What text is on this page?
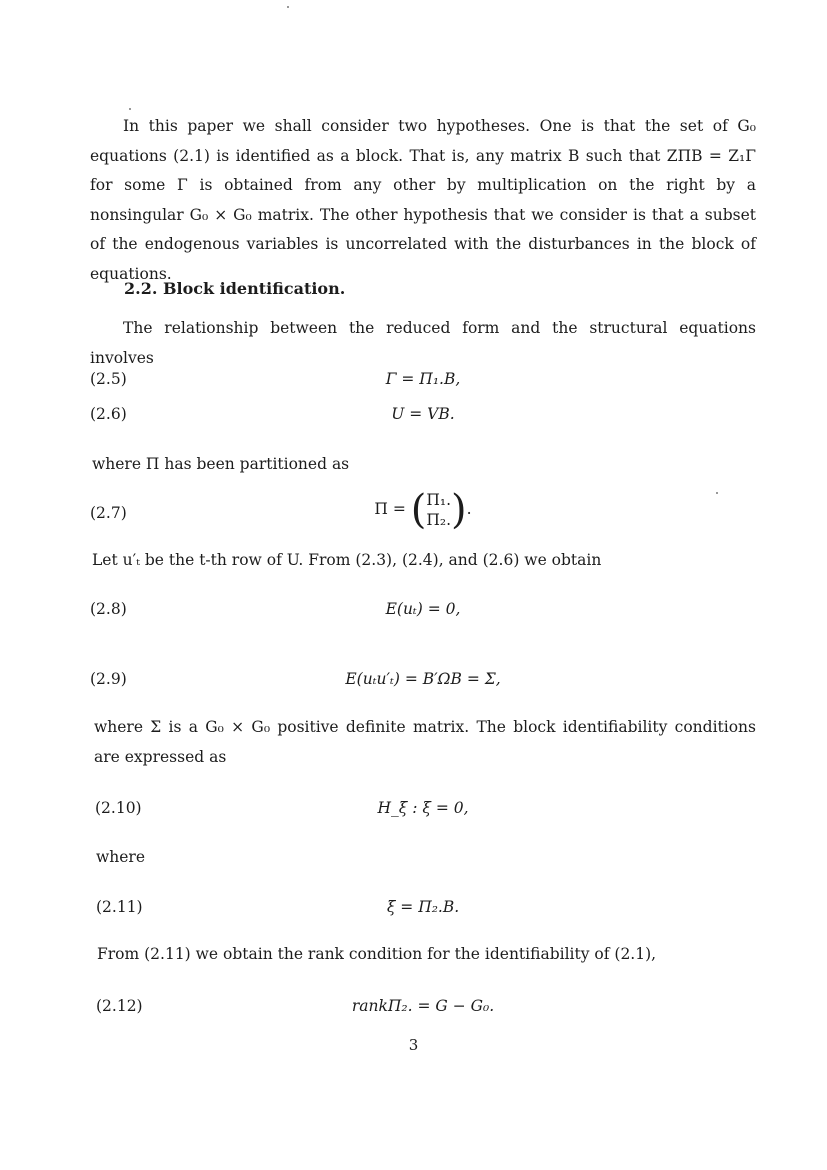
In this paper we shall consider two hypotheses. One is that the set of G₀ equations (2.1) is identified as a block. That is, any matrix B such that ZΠB = Z₁Γ for some Γ is obtained from any other by multiplication on the right by a nonsingular G₀ × G₀ matrix. The other hypothesis that we consider is that a subset of the endogenous variables is uncorrelated with the disturbances in the block of equations.

2.2. Block identification.

The relationship between the reduced form and the structural equations involves

(2.5)	Γ = Π₁.B,
(2.6)	U = VB.
where Π has been partitioned as
(2.7)	Π = (Π₁.
Π₂.).
Let u′ₜ be the t-th row of U. From (2.3), (2.4), and (2.6) we obtain
(2.8)	E(uₜ) = 0,
(2.9)	E(uₜu′ₜ) = B′ΩB = Σ,

where Σ is a G₀ × G₀ positive definite matrix. The block identifiability conditions are expressed as

(2.10)	H_ξ : ξ = 0,
where
(2.11)	ξ = Π₂.B.
From (2.11) we obtain the rank condition for the identifiability of (2.1),
(2.12)	rankΠ₂. = G − G₀.
3
